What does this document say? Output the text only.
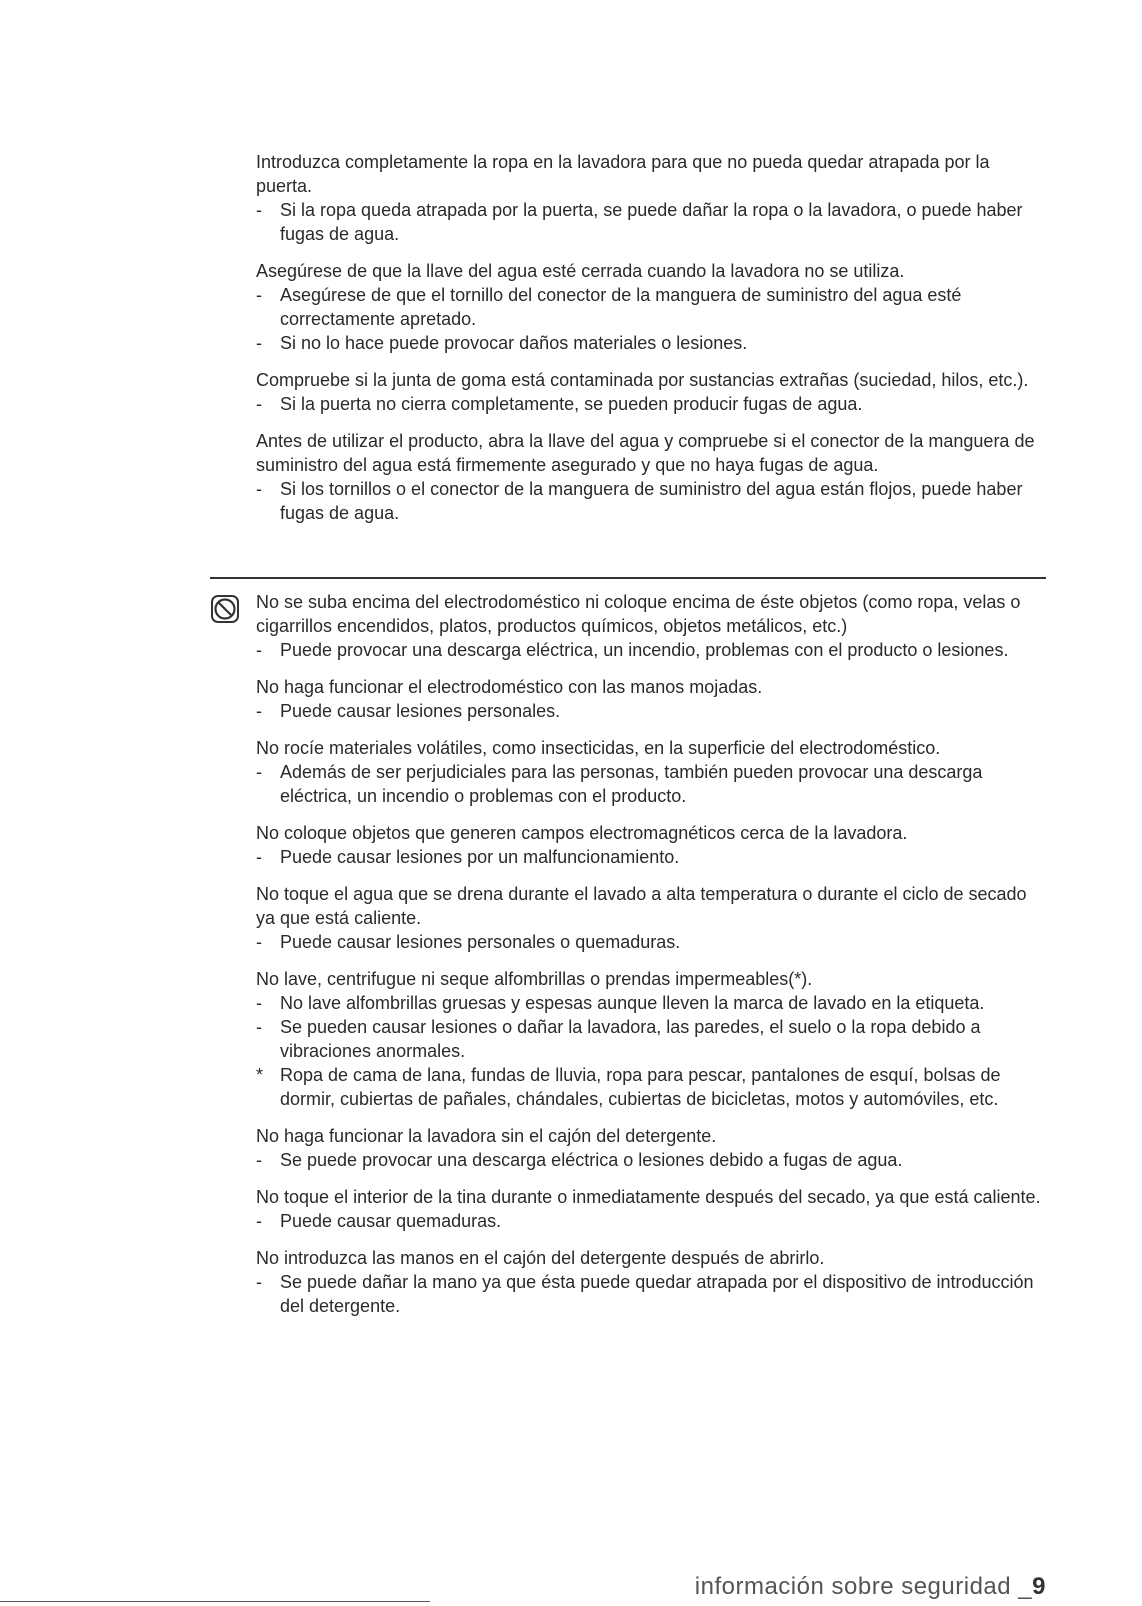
Introduzca completamente la ropa en la lavadora para que no pueda quedar atrapada por la puerta.
-	Si la ropa queda atrapada por la puerta, se puede dañar la ropa o la lavadora, o puede haber fugas de agua.
Asegúrese de que la llave del agua esté cerrada cuando la lavadora no se utiliza.
-	Asegúrese de que el tornillo del conector de la manguera de suministro del agua esté correctamente apretado.
-	Si no lo hace puede provocar daños materiales o lesiones.
Compruebe si la junta de goma está contaminada por sustancias extrañas (suciedad, hilos, etc.).
-	Si la puerta no cierra completamente, se pueden producir fugas de agua.
Antes de utilizar el producto, abra la llave del agua y compruebe si el conector de la manguera de suministro del agua está firmemente asegurado y que no haya fugas de agua.
-	Si los tornillos o el conector de la manguera de suministro del agua están flojos, puede haber fugas de agua.
No se suba encima del electrodoméstico ni coloque encima de éste objetos (como ropa, velas o cigarrillos encendidos, platos, productos químicos, objetos metálicos, etc.)
-	Puede provocar una descarga eléctrica, un incendio, problemas con el producto o lesiones.
No haga funcionar el electrodoméstico con las manos mojadas.
-	Puede causar lesiones personales.
No rocíe materiales volátiles, como insecticidas, en la superficie del electrodoméstico.
-	Además de ser perjudiciales para las personas, también pueden provocar una descarga eléctrica, un incendio o problemas con el producto.
No coloque objetos que generen campos electromagnéticos cerca de la lavadora.
-	Puede causar lesiones por un malfuncionamiento.
No toque el agua que se drena durante el lavado a alta temperatura o durante el ciclo de secado ya que está caliente.
-	Puede causar lesiones personales o quemaduras.
No lave, centrifugue ni seque alfombrillas o prendas impermeables(*).
-	No lave alfombrillas gruesas y espesas aunque lleven la marca de lavado en la etiqueta.
-	Se pueden causar lesiones o dañar la lavadora, las paredes, el suelo o la ropa debido a vibraciones anormales.
* Ropa de cama de lana, fundas de lluvia, ropa para pescar, pantalones de esquí, bolsas de dormir, cubiertas de pañales, chándales, cubiertas de bicicletas, motos y automóviles, etc.
No haga funcionar la lavadora sin el cajón del detergente.
-	Se puede provocar una descarga eléctrica o lesiones debido a fugas de agua.
No toque el interior de la tina durante o inmediatamente después del secado, ya que está caliente.
-	Puede causar quemaduras.
No introduzca las manos en el cajón del detergente después de abrirlo.
-	Se puede dañar la mano ya que ésta puede quedar atrapada por el dispositivo de introducción del detergente.
información sobre seguridad _9
